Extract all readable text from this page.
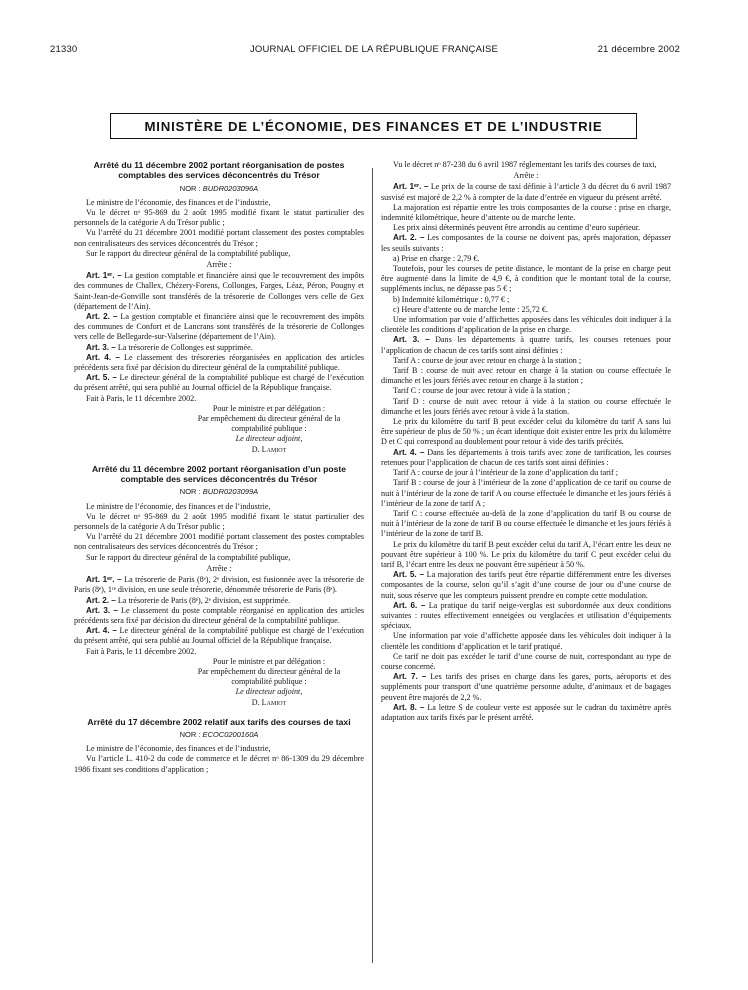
JOURNAL OFFICIEL DE LA RÉPUBLIQUE FRANÇAISE
21330	21 décembre 2002
MINISTÈRE DE L’ÉCONOMIE, DES FINANCES ET DE L’INDUSTRIE
Arrêté du 11 décembre 2002 portant réorganisation de postes comptables des services déconcentrés du Trésor
NOR : BUDR0203096A

Le ministre de l’économie, des finances et de l’industrie,

Vu le décret nᵒ 95-869 du 2 août 1995 modifié fixant le statut particulier des personnels de la catégorie A du Trésor public ;

Vu l’arrêté du 21 décembre 2001 modifié portant classement des postes comptables non centralisateurs des services déconcentrés du Trésor ;

Sur le rapport du directeur général de la comptabilité publique,

Arrête :

Art. 1ᵉʳ. – La gestion comptable et financière ainsi que le recouvrement des impôts des communes de Challex, Chézery-Forens, Collonges, Farges, Léaz, Péron, Pougny et Saint-Jean-de-Gonville sont transférés de la trésorerie de Collonges vers celle de Gex (département de l’Ain).

Art. 2. – La gestion comptable et financière ainsi que le recouvrement des impôts des communes de Confort et de Lancrans sont transférés de la trésorerie de Collonges vers celle de Bellegarde-sur-Valserine (département de l’Ain).

Art. 3. – La trésorerie de Collonges est supprimée.

Art. 4. – Le classement des trésoreries réorganisées en application des articles précédents sera fixé par décision du directeur général de la comptabilité publique.

Art. 5. – Le directeur général de la comptabilité publique est chargé de l’exécution du présent arrêté, qui sera publié au Journal officiel de la République française.

Fait à Paris, le 11 décembre 2002.

Pour le ministre et par délégation :
Par empêchement du directeur général de la comptabilité publique :
Le directeur adjoint,
D. Lamiot
Arrêté du 11 décembre 2002 portant réorganisation d’un poste comptable des services déconcentrés du Trésor
NOR : BUDR0203099A

Le ministre de l’économie, des finances et de l’industrie,

Vu le décret nᵒ 95-869 du 2 août 1995 modifié fixant le statut particulier des personnels de la catégorie A du Trésor public ;

Vu l’arrêté du 21 décembre 2001 modifié portant classement des postes comptables non centralisateurs des services déconcentrés du Trésor ;

Sur le rapport du directeur général de la comptabilité publique,

Arrête :

Art. 1ᵉʳ. – La trésorerie de Paris (8ᵉ), 2ᵉ division, est fusionnée avec la trésorerie de Paris (8ᵉ), 1ʳᵉ division, en une seule trésorerie, dénommée trésorerie de Paris (8ᵉ).

Art. 2. – La trésorerie de Paris (8ᵉ), 2ᵉ division, est supprimée.

Art. 3. – Le classement du poste comptable réorganisé en application des articles précédents sera fixé par décision du directeur général de la comptabilité publique.

Art. 4. – Le directeur général de la comptabilité publique est chargé de l’exécution du présent arrêté, qui sera publié au Journal officiel de la République française.

Fait à Paris, le 11 décembre 2002.

Pour le ministre et par délégation :
Par empêchement du directeur général de la comptabilité publique :
Le directeur adjoint,
D. Lamiot
Arrêté du 17 décembre 2002 relatif aux tarifs des courses de taxi
NOR : ECOC0200160A

Le ministre de l’économie, des finances et de l’industrie,

Vu l’article L. 410-2 du code de commerce et le décret nᵒ 86-1309 du 29 décembre 1986 fixant ses conditions d’application ;

Vu le décret nᵒ 87-238 du 6 avril 1987 réglementant les tarifs des courses de taxi,

Arrête :

Art. 1ᵉʳ. – Le prix de la course de taxi définie à l’article 3 du décret du 6 avril 1987 susvisé est majoré de 2,2 % à compter de la date d’entrée en vigueur du présent arrêté.

La majoration est répartie entre les trois composantes de la course : prise en charge, indemnité kilométrique, heure d’attente ou de marche lente.

Les prix ainsi déterminés peuvent être arrondis au centime d’euro supérieur.

Art. 2. – Les composantes de la course ne doivent pas, après majoration, dépasser les seuils suivants :

a) Prise en charge : 2,79 €.

Toutefois, pour les courses de petite distance, le montant de la prise en charge peut être augmenté dans la limite de 4,9 €, à condition que le montant total de la course, suppléments inclus, ne dépasse pas 5 € ;

b) Indemnité kilométrique : 0,77 € ;

c) Heure d’attente ou de marche lente : 25,72 €.

Une information par voie d’affichettes apposées dans les véhicules doit indiquer à la clientèle les conditions d’application de la prise en charge.

Art. 3. – Dans les départements à quatre tarifs, les courses retenues pour l’application de chacun de ces tarifs sont ainsi définies :

Tarif A : course de jour avec retour en charge à la station ;

Tarif B : course de nuit avec retour en charge à la station ou course effectuée le dimanche et les jours fériés avec retour en charge à la station ;

Tarif C : course de jour avec retour à vide à la station ;

Tarif D : course de nuit avec retour à vide à la station ou course effectuée le dimanche et les jours fériés avec retour à vide à la station.

Le prix du kilomètre du tarif B peut excéder celui du kilomètre du tarif A sans lui être supérieur de plus de 50 % ; un écart identique doit exister entre les prix du kilomètre D et C qui correspond au doublement pour retour à vide des tarifs précités.

Art. 4. – Dans les départements à trois tarifs avec zone de tarification, les courses retenues pour l’application de chacun de ces tarifs sont ainsi définies :

Tarif A : course de jour à l’intérieur de la zone d’application du tarif ;

Tarif B : course de jour à l’intérieur de la zone d’application de ce tarif ou course de nuit à l’intérieur de la zone de tarif A ou course effectuée le dimanche et les jours fériés à l’intérieur de la zone de tarif A ;

Tarif C : course effectuée au-delà de la zone d’application du tarif B ou course de nuit à l’intérieur de la zone de tarif B ou course effectuée le dimanche et les jours fériés à l’intérieur de la zone de tarif B.

Le prix du kilomètre du tarif B peut excéder celui du tarif A, l’écart entre les deux ne pouvant être supérieur à 100 %. Le prix du kilomètre du tarif C peut excéder celui du tarif B, l’écart entre les deux ne pouvant être supérieur à 50 %.

Art. 5. – La majoration des tarifs peut être répartie différemment entre les diverses composantes de la course, selon qu’il s’agit d’une course de jour ou d’une course de nuit, sous réserve que les compteurs puissent prendre en compte cette modulation.

Art. 6. – La pratique du tarif neige-verglas est subordonnée aux deux conditions suivantes : routes effectivement enneigées ou verglacées et utilisation d’équipements spéciaux.

Une information par voie d’affichette apposée dans les véhicules doit indiquer à la clientèle les conditions d’application et le tarif pratiqué.

Ce tarif ne doit pas excéder le tarif d’une course de nuit, correspondant au type de course concerné.

Art. 7. – Les tarifs des prises en charge dans les gares, ports, aéroports et des suppléments pour transport d’une quatrième personne adulte, d’animaux et de bagages peuvent être majorés de 2,2 %.

Art. 8. – La lettre S de couleur verte est apposée sur le cadran du taximètre après adaptation aux tarifs fixés par le présent arrêté.
